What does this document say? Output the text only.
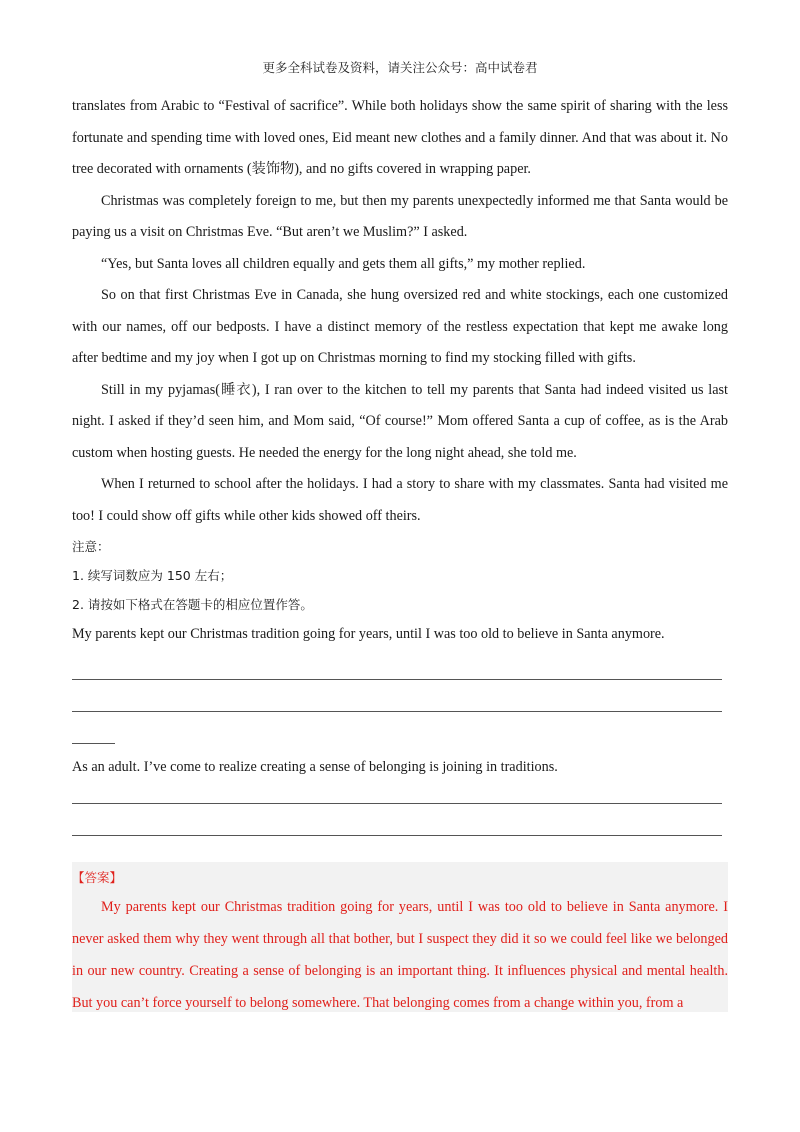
更多全科试卷及资料，请关注公众号：高中试卷君

translates from Arabic to “Festival of sacrifice”. While both holidays show the same spirit of sharing with the less fortunate and spending time with loved ones, Eid meant new clothes and a family dinner. And that was about it. No tree decorated with ornaments (装饰物), and no gifts covered in wrapping paper.

Christmas was completely foreign to me, but then my parents unexpectedly informed me that Santa would be paying us a visit on Christmas Eve. “But aren’t we Muslim?” I asked.

“Yes, but Santa loves all children equally and gets them all gifts,” my mother replied.

So on that first Christmas Eve in Canada, she hung oversized red and white stockings, each one customized with our names, off our bedposts. I have a distinct memory of the restless expectation that kept me awake long after bedtime and my joy when I got up on Christmas morning to find my stocking filled with gifts.

Still in my pyjamas(睡衣), I ran over to the kitchen to tell my parents that Santa had indeed visited us last night. I asked if they’d seen him, and Mom said, “Of course!” Mom offered Santa a cup of coffee, as is the Arab custom when hosting guests. He needed the energy for the long night ahead, she told me.

When I returned to school after the holidays. I had a story to share with my classmates. Santa had visited me too! I could show off gifts while other kids showed off theirs.

注意：

1. 续写词数应为 150 左右；

2. 请按如下格式在答题卡的相应位置作答。

My parents kept our Christmas tradition going for years, until I was too old to believe in Santa anymore.

As an adult. I’ve come to realize creating a sense of belonging is joining in traditions.

【答案】

My parents kept our Christmas tradition going for years, until I was too old to believe in Santa anymore. I never asked them why they went through all that bother, but I suspect they did it so we could feel like we belonged in our new country. Creating a sense of belonging is an important thing. It influences physical and mental health. But you can’t force yourself to belong somewhere. That belonging comes from a change within you, from a
